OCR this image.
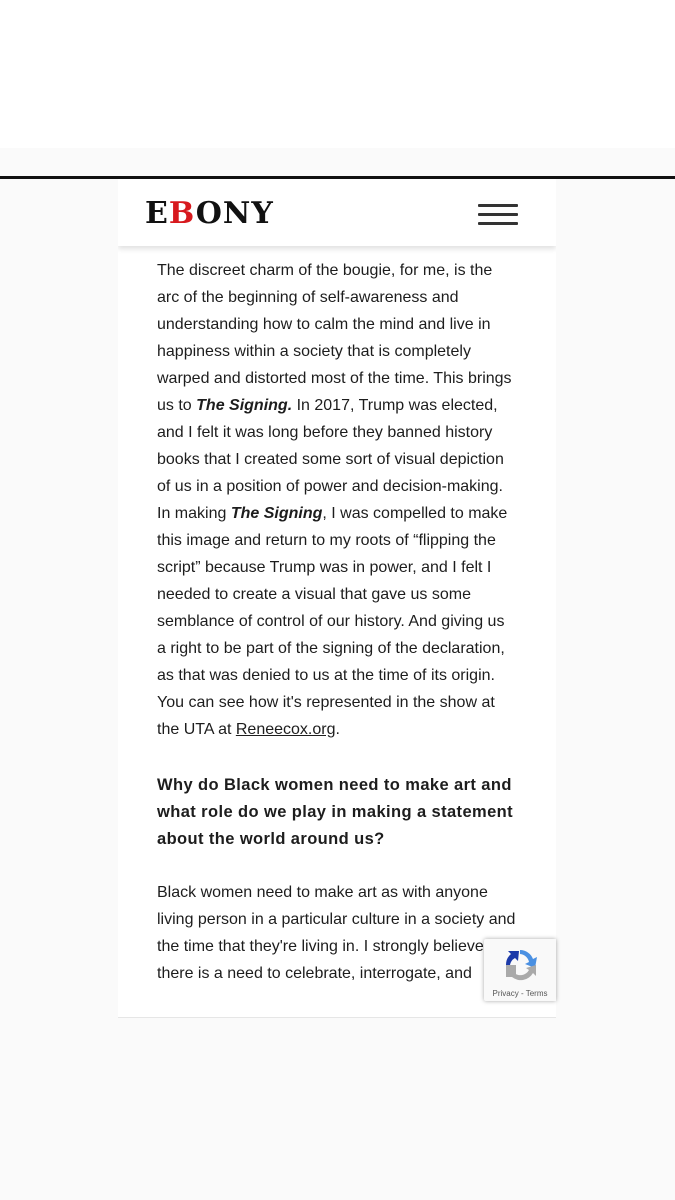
EBONY

The discreet charm of the bougie, for me, is the arc of the beginning of self-awareness and understanding how to calm the mind and live in happiness within a society that is completely warped and distorted most of the time. This brings us to The Signing. In 2017, Trump was elected, and I felt it was long before they banned history books that I created some sort of visual depiction of us in a position of power and decision-making. In making The Signing, I was compelled to make this image and return to my roots of “flipping the script” because Trump was in power, and I felt I needed to create a visual that gave us some semblance of control of our history. And giving us a right to be part of the signing of the declaration, as that was denied to us at the time of its origin. You can see how it's represented in the show at the UTA at Reneecox.org.

Why do Black women need to make art and what role do we play in making a statement about the world around us?

Black women need to make art as with anyone living person in a particular culture in a society and the time that they're living in. I strongly believe there is a need to celebrate, interrogate, and

Privacy - Terms
